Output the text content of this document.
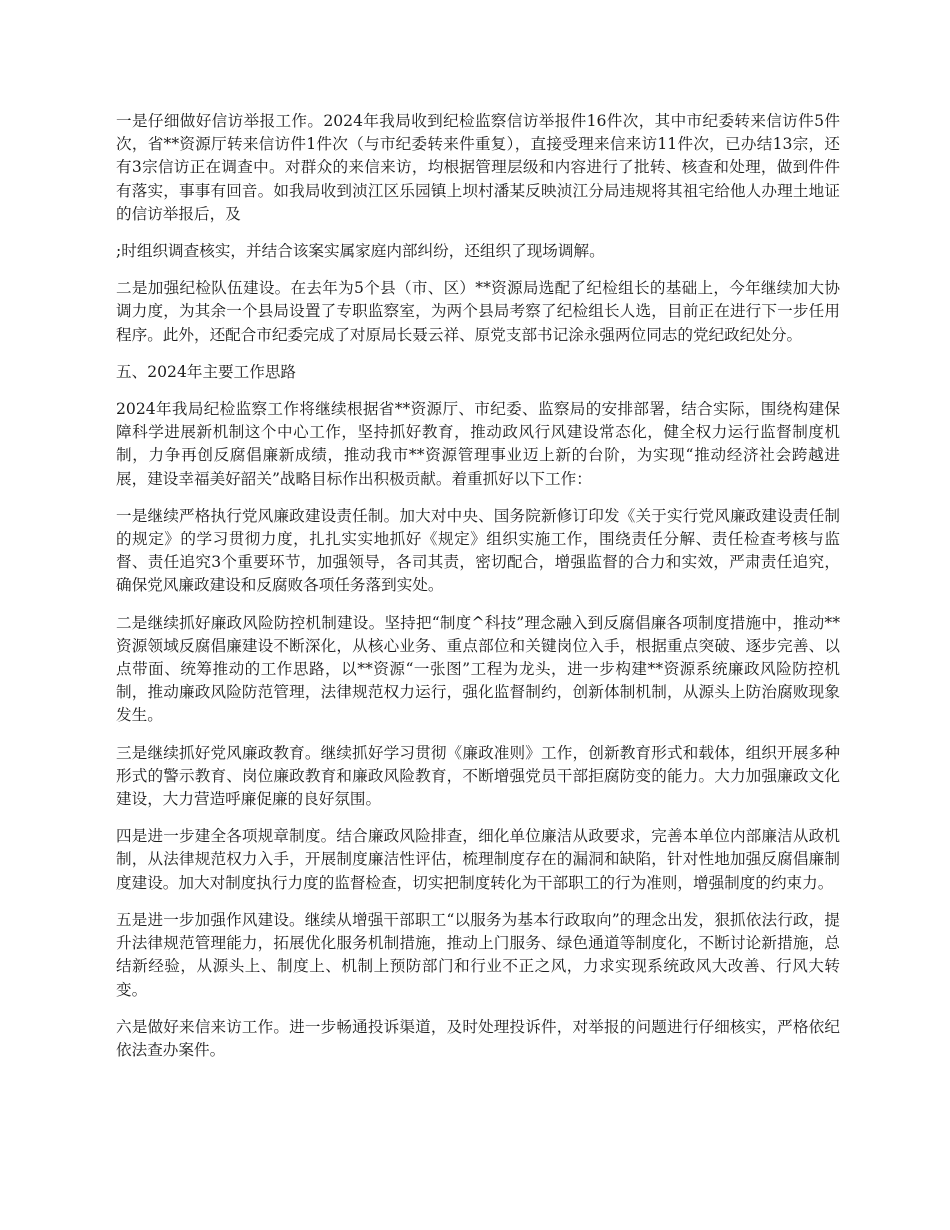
一是仔细做好信访举报工作。2024年我局收到纪检监察信访举报件16件次，其中市纪委转来信访件5件次，省**资源厅转来信访件1件次（与市纪委转来件重复），直接受理来信来访11件次，已办结13宗，还有3宗信访正在调查中。对群众的来信来访，均根据管理层级和内容进行了批转、核查和处理，做到件件有落实，事事有回音。如我局收到浈江区乐园镇上坝村潘某反映浈江分局违规将其祖宅给他人办理土地证的信访举报后，及

;时组织调查核实，并结合该案实属家庭内部纠纷，还组织了现场调解。

二是加强纪检队伍建设。在去年为5个县（市、区）**资源局选配了纪检组长的基础上，今年继续加大协调力度，为其余一个县局设置了专职监察室，为两个县局考察了纪检组长人选，目前正在进行下一步任用程序。此外，还配合市纪委完成了对原局长聂云祥、原党支部书记涂永强两位同志的党纪政纪处分。

五、2024年主要工作思路

2024年我局纪检监察工作将继续根据省**资源厅、市纪委、监察局的安排部署，结合实际，围绕构建保障科学进展新机制这个中心工作，坚持抓好教育，推动政风行风建设常态化，健全权力运行监督制度机制，力争再创反腐倡廉新成绩，推动我市**资源管理事业迈上新的台阶，为实现“推动经济社会跨越进展，建设幸福美好韶关”战略目标作出积极贡献。着重抓好以下工作：

一是继续严格执行党风廉政建设责任制。加大对中央、国务院新修订印发《关于实行党风廉政建设责任制的规定》的学习贯彻力度，扎扎实实地抓好《规定》组织实施工作，围绕责任分解、责任检查考核与监督、责任追究3个重要环节，加强领导，各司其责，密切配合，增强监督的合力和实效，严肃责任追究，确保党风廉政建设和反腐败各项任务落到实处。

二是继续抓好廉政风险防控机制建设。坚持把“制度^科技”理念融入到反腐倡廉各项制度措施中，推动**资源领域反腐倡廉建设不断深化，从核心业务、重点部位和关键岗位入手，根据重点突破、逐步完善、以点带面、统筹推动的工作思路，以**资源“一张图”工程为龙头，进一步构建**资源系统廉政风险防控机制，推动廉政风险防范管理，法律规范权力运行，强化监督制约，创新体制机制，从源头上防治腐败现象发生。

三是继续抓好党风廉政教育。继续抓好学习贯彻《廉政准则》工作，创新教育形式和载体，组织开展多种形式的警示教育、岗位廉政教育和廉政风险教育，不断增强党员干部拒腐防变的能力。大力加强廉政文化建设，大力营造呼廉促廉的良好氛围。

四是进一步建全各项规章制度。结合廉政风险排查，细化单位廉洁从政要求，完善本单位内部廉洁从政机制，从法律规范权力入手，开展制度廉洁性评估，梳理制度存在的漏洞和缺陷，针对性地加强反腐倡廉制度建设。加大对制度执行力度的监督检查，切实把制度转化为干部职工的行为准则，增强制度的约束力。

五是进一步加强作风建设。继续从增强干部职工“以服务为基本行政取向”的理念出发，狠抓依法行政，提升法律规范管理能力，拓展优化服务机制措施，推动上门服务、绿色通道等制度化，不断讨论新措施，总结新经验，从源头上、制度上、机制上预防部门和行业不正之风，力求实现系统政风大改善、行风大转变。

六是做好来信来访工作。进一步畅通投诉渠道，及时处理投诉件，对举报的问题进行仔细核实，严格依纪依法查办案件。
